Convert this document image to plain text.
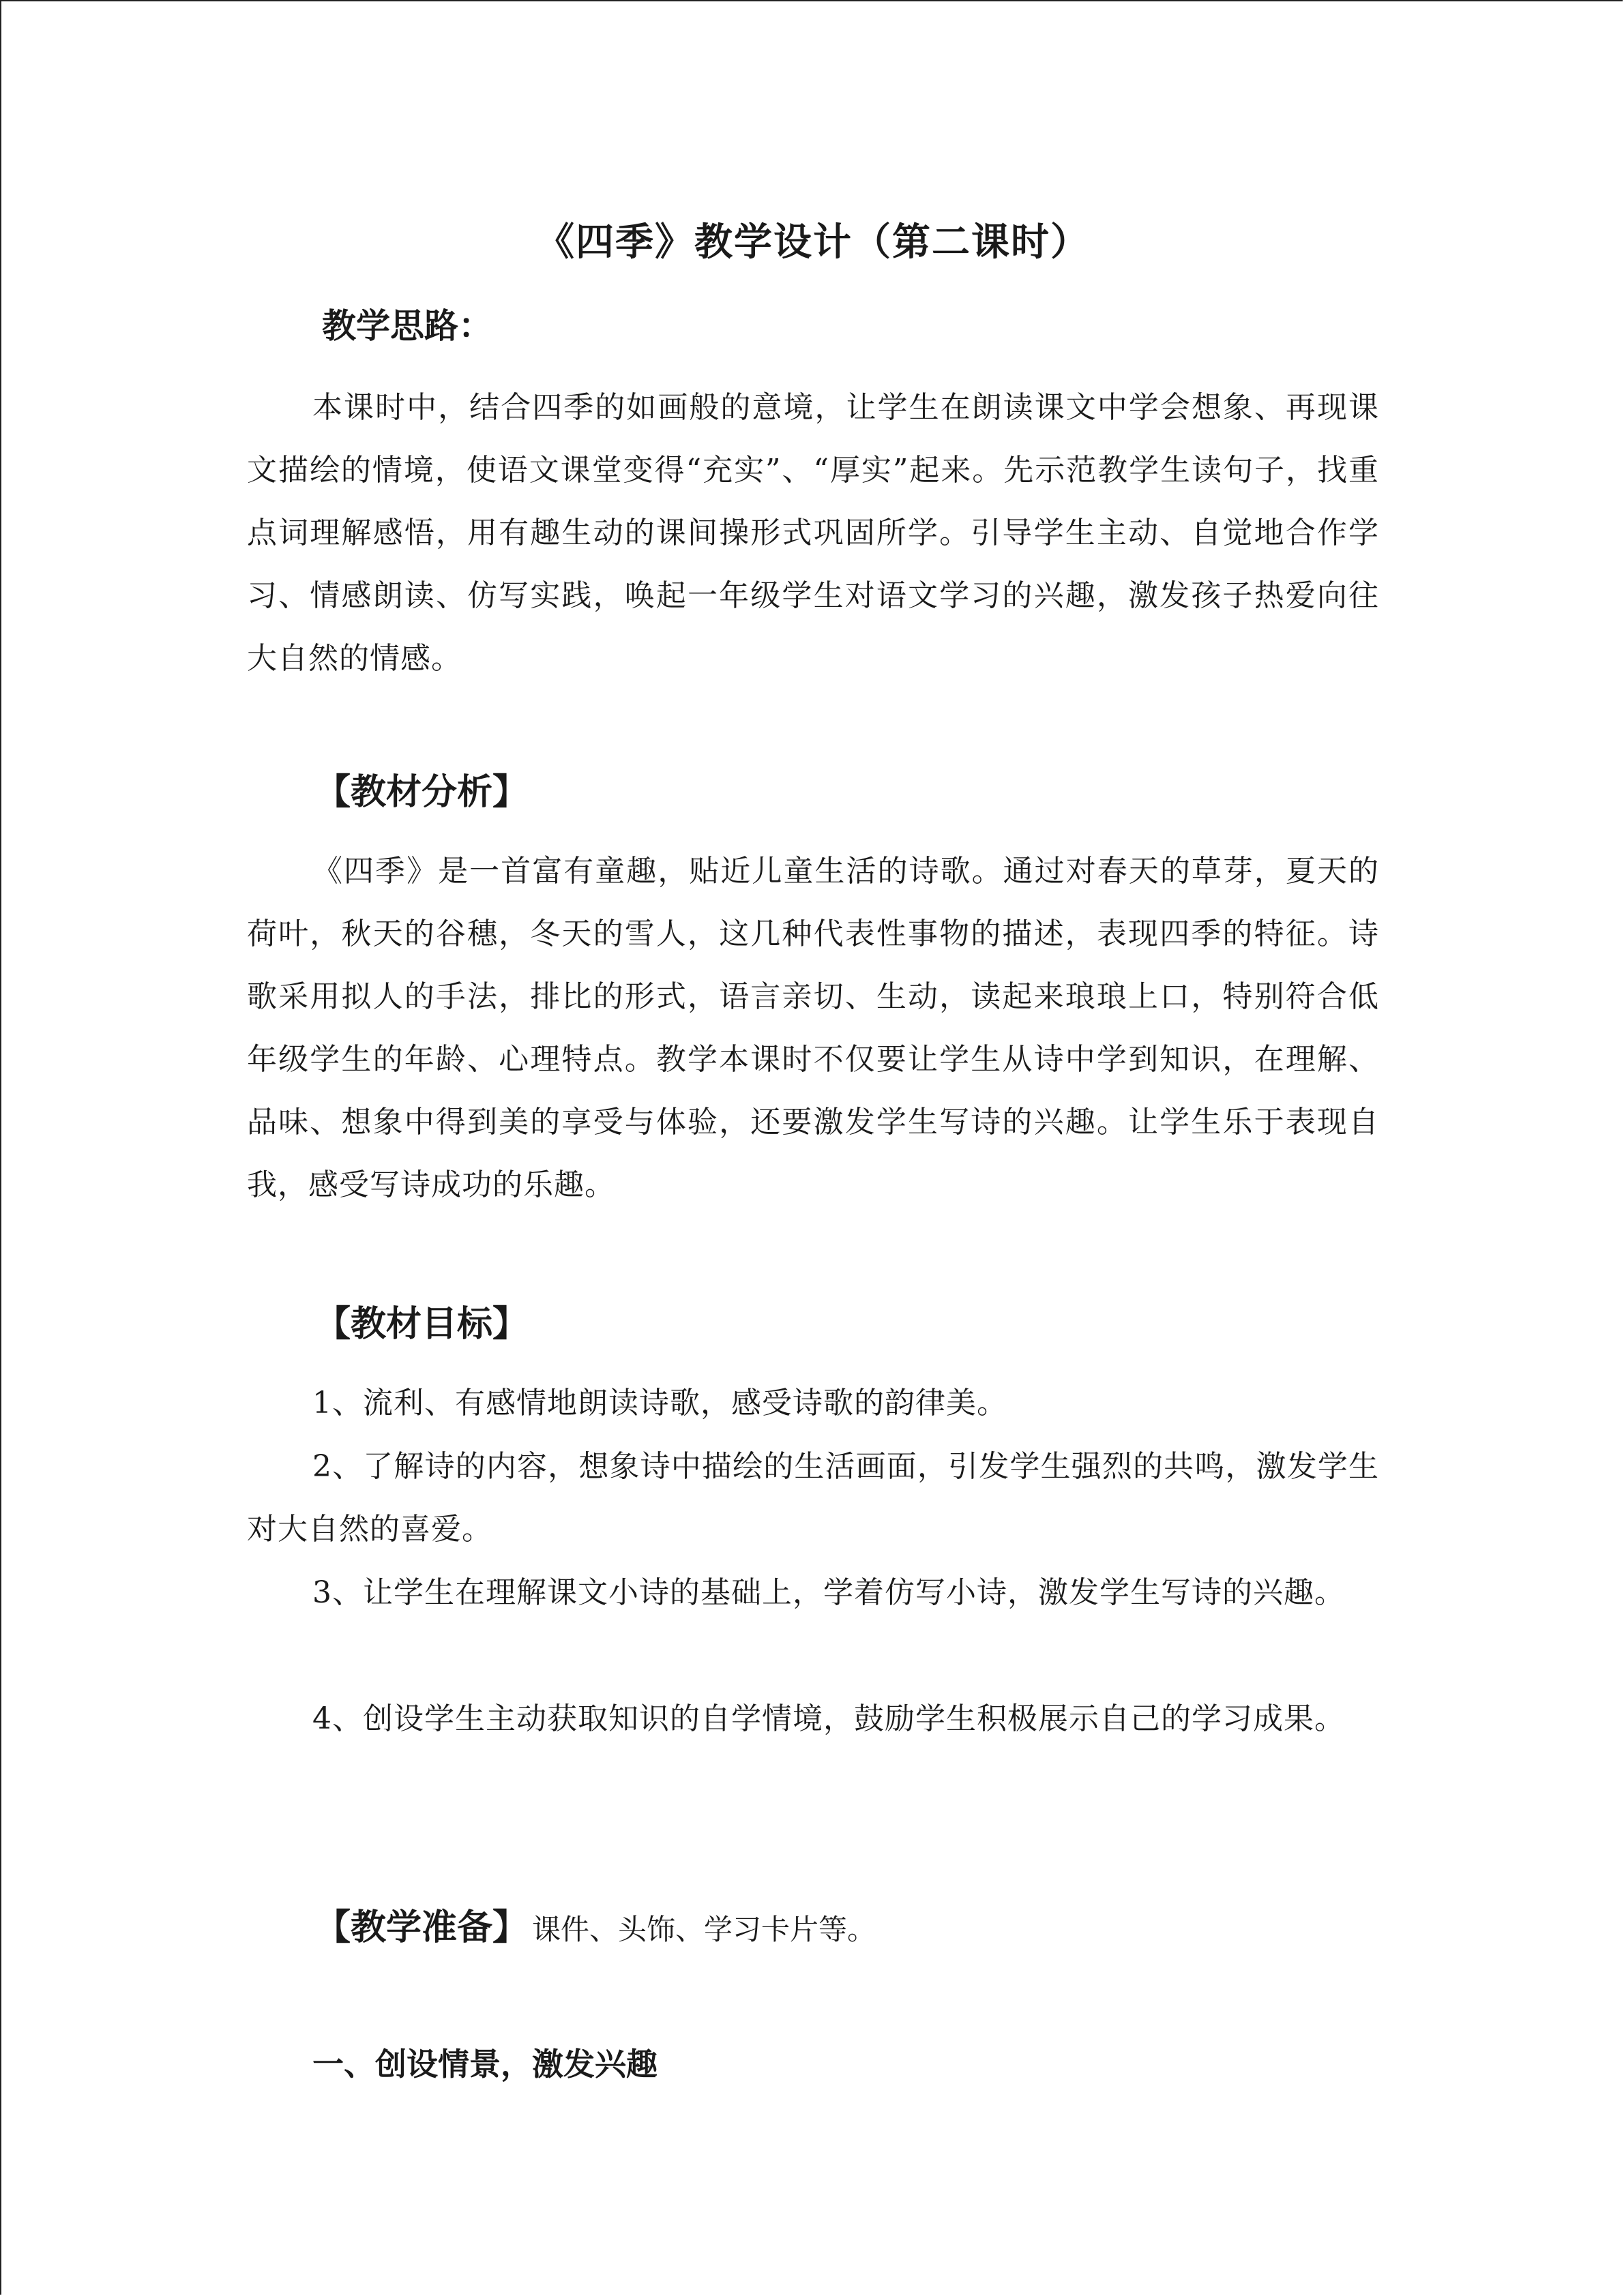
《四季》教学设计（第二课时）
教学思路：

本课时中，结合四季的如画般的意境，让学生在朗读课文中学会想象、再现课文描绘的情境，使语文课堂变得“充实”、“厚实”起来。先示范教学生读句子，找重点词理解感悟，用有趣生动的课间操形式巩固所学。引导学生主动、自觉地合作学习、情感朗读、仿写实践，唤起一年级学生对语文学习的兴趣，激发孩子热爱向往大自然的情感。

【教材分析】

《四季》是一首富有童趣，贴近儿童生活的诗歌。通过对春天的草芽，夏天的荷叶，秋天的谷穗，冬天的雪人，这几种代表性事物的描述，表现四季的特征。诗歌采用拟人的手法，排比的形式，语言亲切、生动，读起来琅琅上口，特别符合低年级学生的年龄、心理特点。教学本课时不仅要让学生从诗中学到知识，在理解、品味、想象中得到美的享受与体验，还要激发学生写诗的兴趣。让学生乐于表现自我，感受写诗成功的乐趣。

【教材目标】

1、流利、有感情地朗读诗歌，感受诗歌的韵律美。

2、了解诗的内容，想象诗中描绘的生活画面，引发学生强烈的共鸣，激发学生对大自然的喜爱。

3、让学生在理解课文小诗的基础上，学着仿写小诗，激发学生写诗的兴趣。

4、创设学生主动获取知识的自学情境，鼓励学生积极展示自己的学习成果。

【教学准备】 课件、头饰、学习卡片等。
一、创设情景，激发兴趣
